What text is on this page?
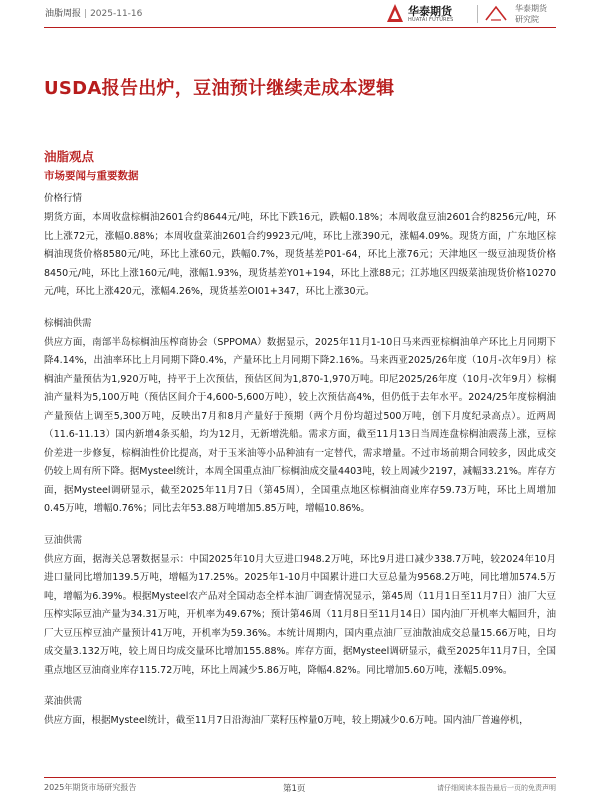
油脂周报 | 2025-11-16	华泰期货
HUATAI FUTURES
华泰期货
研究院
USDA报告出炉，豆油预计继续走成本逻辑
油脂观点
市场要闻与重要数据
价格行情

期货方面，本周收盘棕榈油2601合约8644元/吨，环比下跌16元，跌幅0.18%；本周收盘豆油2601合约8256元/吨，环比上涨72元，涨幅0.88%；本周收盘菜油2601合约9923元/吨，环比上涨390元，涨幅4.09%。现货方面，广东地区棕榈油现货价格8580元/吨，环比上涨60元，跌幅0.7%，现货基差P01-64，环比上涨76元；天津地区一级豆油现货价格8450元/吨，环比上涨160元/吨，涨幅1.93%，现货基差Y01+194，环比上涨88元；江苏地区四级菜油现货价格10270元/吨，环比上涨420元，涨幅4.26%，现货基差OI01+347，环比上涨30元。

棕榈油供需

供应方面，南部半岛棕榈油压榨商协会（SPPOMA）数据显示，2025年11月1-10日马来西亚棕榈油单产环比上月同期下降4.14%，出油率环比上月同期下降0.4%，产量环比上月同期下降2.16%。马来西亚2025/26年度（10月-次年9月）棕榈油产量预估为1,920万吨，持平于上次预估，预估区间为1,870-1,970万吨。印尼2025/26年度（10月-次年9月）棕榈油产量料为5,100万吨（预估区间介于4,600-5,600万吨），较上次预估高4%，但仍低于去年水平。2024/25年度棕榈油产量预估上调至5,300万吨，反映出7月和8月产量好于预期（两个月份均超过500万吨，创下月度纪录高点）。近两周（11.6-11.13）国内新增4条买船，均为12月，无新增洗船。需求方面，截至11月13日当周连盘棕榈油震荡上涨，豆棕价差进一步修复，棕榈油性价比提高，对于玉米油等小品种油有一定替代，需求增量。不过市场前期合同较多，因此成交仍较上周有所下降。据Mysteel统计，本周全国重点油厂棕榈油成交量4403吨，较上周减少2197，减幅33.21%。库存方面，据Mysteel调研显示，截至2025年11月7日（第45周），全国重点地区棕榈油商业库存59.73万吨，环比上周增加0.45万吨，增幅0.76%；同比去年53.88万吨增加5.85万吨，增幅10.86%。

豆油供需

供应方面，据海关总署数据显示：中国2025年10月大豆进口948.2万吨，环比9月进口减少338.7万吨，较2024年10月进口量同比增加139.5万吨，增幅为17.25%。2025年1-10月中国累计进口大豆总量为9568.2万吨，同比增加574.5万吨，增幅为6.39%。根据Mysteel农产品对全国动态全样本油厂调查情况显示，第45周（11月1日至11月7日）油厂大豆压榨实际豆油产量为34.31万吨，开机率为49.67%；预计第46周（11月8日至11月14日）国内油厂开机率大幅回升，油厂大豆压榨豆油产量预计41万吨，开机率为59.36%。本统计周期内，国内重点油厂豆油散油成交总量15.66万吨，日均成交量3.132万吨，较上周日均成交量环比增加155.88%。库存方面，据Mysteel调研显示，截至2025年11月7日，全国重点地区豆油商业库存115.72万吨，环比上周减少5.86万吨，降幅4.82%。同比增加5.60万吨，涨幅5.09%。

菜油供需

供应方面，根据Mysteel统计，截至11月7日沿海油厂菜籽压榨量0万吨，较上期减少0.6万吨。国内油厂普遍停机，

2025年期货市场研究报告	第1页	请仔细阅读本报告最后一页的免责声明
